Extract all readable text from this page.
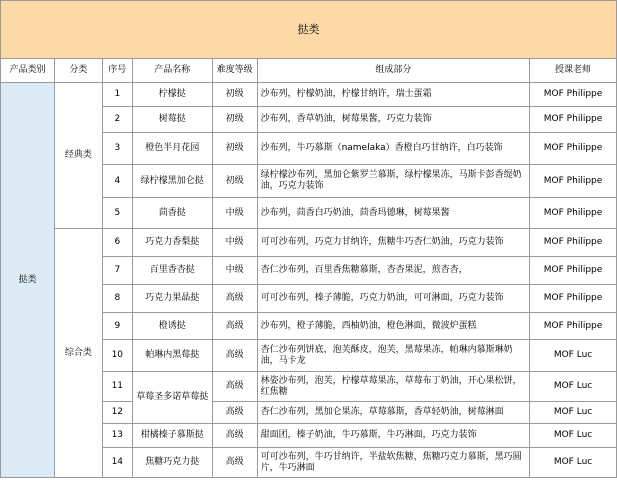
挞类						
产品类别	分类	序号	产品名称	难度等级	组成部分	授课老师
挞类	经典类	1	柠檬挞	初级	沙布列，柠檬奶油，柠檬甘纳许，瑞士蛋霜	MOF Philippe
		2	树莓挞	初级	沙布列，香草奶油，树莓果酱，巧克力装饰	MOF Philippe
		3	橙色半月花园	初级	沙布列，牛巧慕斯（namelaka）香橙白巧甘纳许，白巧装饰	MOF Philippe
		4	绿柠檬黑加仑挞	初级	绿柠檬沙布列，黑加仑紫罗兰慕斯，绿柠檬果冻，马斯卡彭香缇奶油，巧克力装饰	MOF Philippe
		5	茴香挞	中级	沙布列，茴香白巧奶油，茴香玛德琳，树莓果酱	MOF Philippe
	综合类	6	巧克力香梨挞	中级	可可沙布列，巧克力甘纳许，焦糖牛巧杏仁奶油，巧克力装饰	MOF Philippe
		7	百里香杏挞	中级	杏仁沙布列，百里香焦糖慕斯，杏杏果泥，煎杏杏，	MOF Philippe
		8	巧克力果晶挞	高级	可可沙布列，榛子薄脆，巧克力奶油，可可淋面，巧克力装饰	MOF Philippe
		9	橙诱挞	高级	沙布列，橙子薄脆，西柚奶油，橙色淋面，微波炉蛋糕	MOF Philippe
		10	帕琳内黑莓挞	高级	杏仁沙布列饼底，泡芙酥皮，泡芙，黑莓果冻，帕琳内慕斯琳奶油，马卡龙	MOF Luc
		11	草莓圣多诺草莓挞	高级	林姿沙布列，泡芙，柠檬草莓果冻，草莓布丁奶油，开心果松饼，红焦糖	MOF Luc
		12		高级	杏仁沙布列，黑加仑果冻，草莓慕斯，香草轻奶油，树莓淋面	MOF Luc
		13	柑橘榛子慕斯挞	高级	甜面团，榛子奶油，牛巧慕斯，牛巧淋面，巧克力装饰	MOF Luc
		14	焦糖巧克力挞	高级	可可沙布列，牛巧甘纳许，半盐软焦糖，焦糖巧克力慕斯，黑巧圆片，牛巧淋面	MOF Luc
